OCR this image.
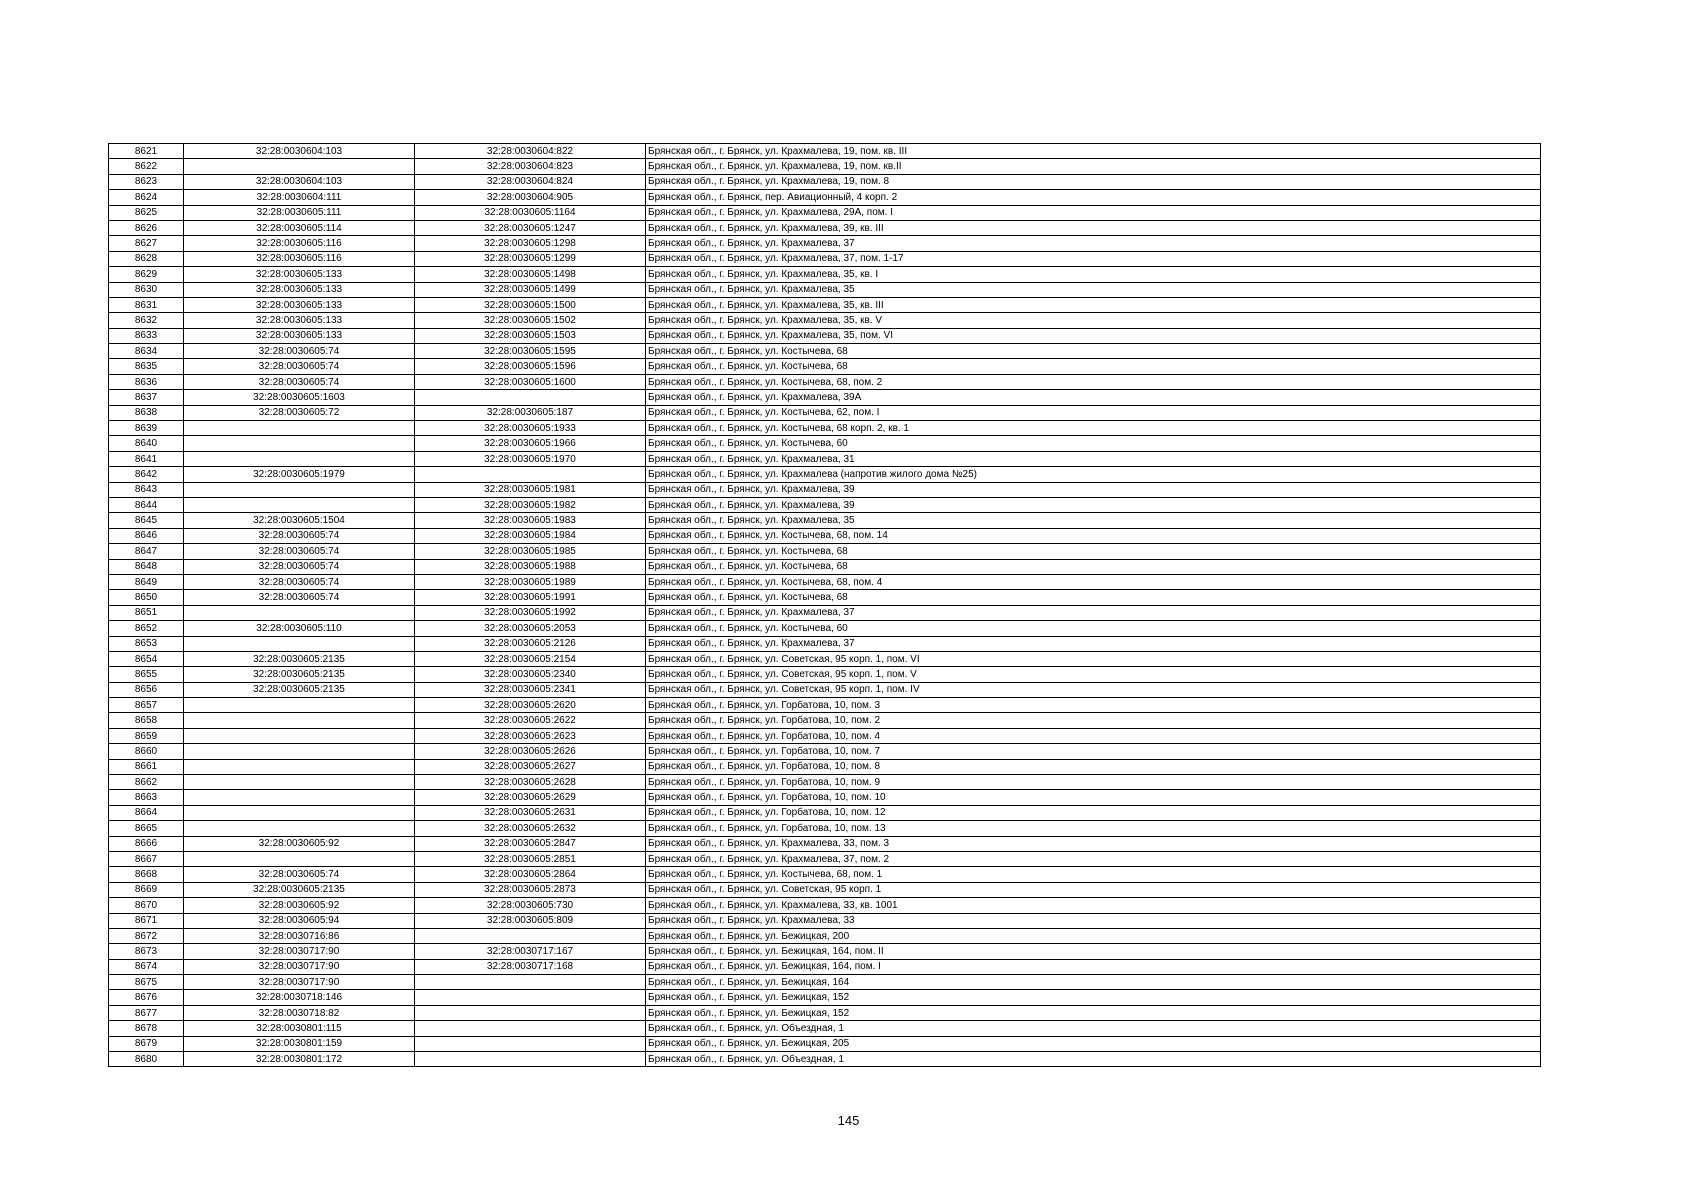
8621	32:28:0030604:103	32:28:0030604:822	Брянская обл., г. Брянск, ул. Крахмалева, 19, пом. кв. III
8622		32:28:0030604:823	Брянская обл., г. Брянск, ул. Крахмалева, 19, пом. кв.II
8623	32:28:0030604:103	32:28:0030604:824	Брянская обл., г. Брянск, ул. Крахмалева, 19, пом. 8
8624	32:28:0030604:111	32:28:0030604:905	Брянская обл., г. Брянск, пер. Авиационный, 4 корп. 2
8625	32:28:0030605:111	32:28:0030605:1164	Брянская обл., г. Брянск, ул. Крахмалева, 29А, пом. I
8626	32:28:0030605:114	32:28:0030605:1247	Брянская обл., г. Брянск, ул. Крахмалева, 39, кв. III
8627	32:28:0030605:116	32:28:0030605:1298	Брянская обл., г. Брянск, ул. Крахмалева, 37
8628	32:28:0030605:116	32:28:0030605:1299	Брянская обл., г. Брянск, ул. Крахмалева, 37, пом. 1-17
8629	32:28:0030605:133	32:28:0030605:1498	Брянская обл., г. Брянск, ул. Крахмалева, 35, кв. I
8630	32:28:0030605:133	32:28:0030605:1499	Брянская обл., г. Брянск, ул. Крахмалева, 35
8631	32:28:0030605:133	32:28:0030605:1500	Брянская обл., г. Брянск, ул. Крахмалева, 35, кв. III
8632	32:28:0030605:133	32:28:0030605:1502	Брянская обл., г. Брянск, ул. Крахмалева, 35, кв. V
8633	32:28:0030605:133	32:28:0030605:1503	Брянская обл., г. Брянск, ул. Крахмалева, 35, пом. VI
8634	32:28:0030605:74	32:28:0030605:1595	Брянская обл., г. Брянск, ул. Костычева, 68
8635	32:28:0030605:74	32:28:0030605:1596	Брянская обл., г. Брянск, ул. Костычева, 68
8636	32:28:0030605:74	32:28:0030605:1600	Брянская обл., г. Брянск, ул. Костычева, 68, пом. 2
8637	32:28:0030605:1603		Брянская обл., г. Брянск, ул. Крахмалева, 39А
8638	32:28:0030605:72	32:28:0030605:187	Брянская обл., г. Брянск, ул. Костычева, 62, пом. I
8639		32:28:0030605:1933	Брянская обл., г. Брянск, ул. Костычева, 68 корп. 2, кв. 1
8640		32:28:0030605:1966	Брянская обл., г. Брянск, ул. Костычева, 60
8641		32:28:0030605:1970	Брянская обл., г. Брянск, ул. Крахмалева, 31
8642	32:28:0030605:1979		Брянская обл., г. Брянск, ул. Крахмалева (напротив жилого дома №25)
8643		32:28:0030605:1981	Брянская обл., г. Брянск, ул. Крахмалева, 39
8644		32:28:0030605:1982	Брянская обл., г. Брянск, ул. Крахмалева, 39
8645	32:28:0030605:1504	32:28:0030605:1983	Брянская обл., г. Брянск, ул. Крахмалева, 35
8646	32:28:0030605:74	32:28:0030605:1984	Брянская обл., г. Брянск, ул. Костычева, 68, пом. 14
8647	32:28:0030605:74	32:28:0030605:1985	Брянская обл., г. Брянск, ул. Костычева, 68
8648	32:28:0030605:74	32:28:0030605:1988	Брянская обл., г. Брянск, ул. Костычева, 68
8649	32:28:0030605:74	32:28:0030605:1989	Брянская обл., г. Брянск, ул. Костычева, 68, пом. 4
8650	32:28:0030605:74	32:28:0030605:1991	Брянская обл., г. Брянск, ул. Костычева, 68
8651		32:28:0030605:1992	Брянская обл., г. Брянск, ул. Крахмалева, 37
8652	32:28:0030605:110	32:28:0030605:2053	Брянская обл., г. Брянск, ул. Костычева, 60
8653		32:28:0030605:2126	Брянская обл., г. Брянск, ул. Крахмалева, 37
8654	32:28:0030605:2135	32:28:0030605:2154	Брянская обл., г. Брянск, ул. Советская, 95 корп. 1, пом. VI
8655	32:28:0030605:2135	32:28:0030605:2340	Брянская обл., г. Брянск, ул. Советская, 95 корп. 1, пом. V
8656	32:28:0030605:2135	32:28:0030605:2341	Брянская обл., г. Брянск, ул. Советская, 95 корп. 1, пом. IV
8657		32:28:0030605:2620	Брянская обл., г. Брянск, ул. Горбатова, 10, пом. 3
8658		32:28:0030605:2622	Брянская обл., г. Брянск, ул. Горбатова, 10, пом. 2
8659		32:28:0030605:2623	Брянская обл., г. Брянск, ул. Горбатова, 10, пом. 4
8660		32:28:0030605:2626	Брянская обл., г. Брянск, ул. Горбатова, 10, пом. 7
8661		32:28:0030605:2627	Брянская обл., г. Брянск, ул. Горбатова, 10, пом. 8
8662		32:28:0030605:2628	Брянская обл., г. Брянск, ул. Горбатова, 10, пом. 9
8663		32:28:0030605:2629	Брянская обл., г. Брянск, ул. Горбатова, 10, пом. 10
8664		32:28:0030605:2631	Брянская обл., г. Брянск, ул. Горбатова, 10, пом. 12
8665		32:28:0030605:2632	Брянская обл., г. Брянск, ул. Горбатова, 10, пом. 13
8666	32:28:0030605:92	32:28:0030605:2847	Брянская обл., г. Брянск, ул. Крахмалева, 33, пом. 3
8667		32:28:0030605:2851	Брянская обл., г. Брянск, ул. Крахмалева, 37, пом. 2
8668	32:28:0030605:74	32:28:0030605:2864	Брянская обл., г. Брянск, ул. Костычева, 68, пом. 1
8669	32:28:0030605:2135	32:28:0030605:2873	Брянская обл., г. Брянск, ул. Советская, 95 корп. 1
8670	32:28:0030605:92	32:28:0030605:730	Брянская обл., г. Брянск, ул. Крахмалева, 33, кв. 1001
8671	32:28:0030605:94	32:28:0030605:809	Брянская обл., г. Брянск, ул. Крахмалева, 33
8672	32:28:0030716:86		Брянская обл., г. Брянск, ул. Бежицкая, 200
8673	32:28:0030717:90	32:28:0030717:167	Брянская обл., г. Брянск, ул. Бежицкая, 164, пом. II
8674	32:28:0030717:90	32:28:0030717:168	Брянская обл., г. Брянск, ул. Бежицкая, 164, пом. I
8675	32:28:0030717:90		Брянская обл., г. Брянск, ул. Бежицкая, 164
8676	32:28:0030718:146		Брянская обл., г. Брянск, ул. Бежицкая, 152
8677	32:28:0030718:82		Брянская обл., г. Брянск, ул. Бежицкая, 152
8678	32:28:0030801:115		Брянская обл., г. Брянск, ул. Объездная, 1
8679	32:28:0030801:159		Брянская обл., г. Брянск, ул. Бежицкая, 205
8680	32:28:0030801:172		Брянская обл., г. Брянск, ул. Объездная, 1
145
